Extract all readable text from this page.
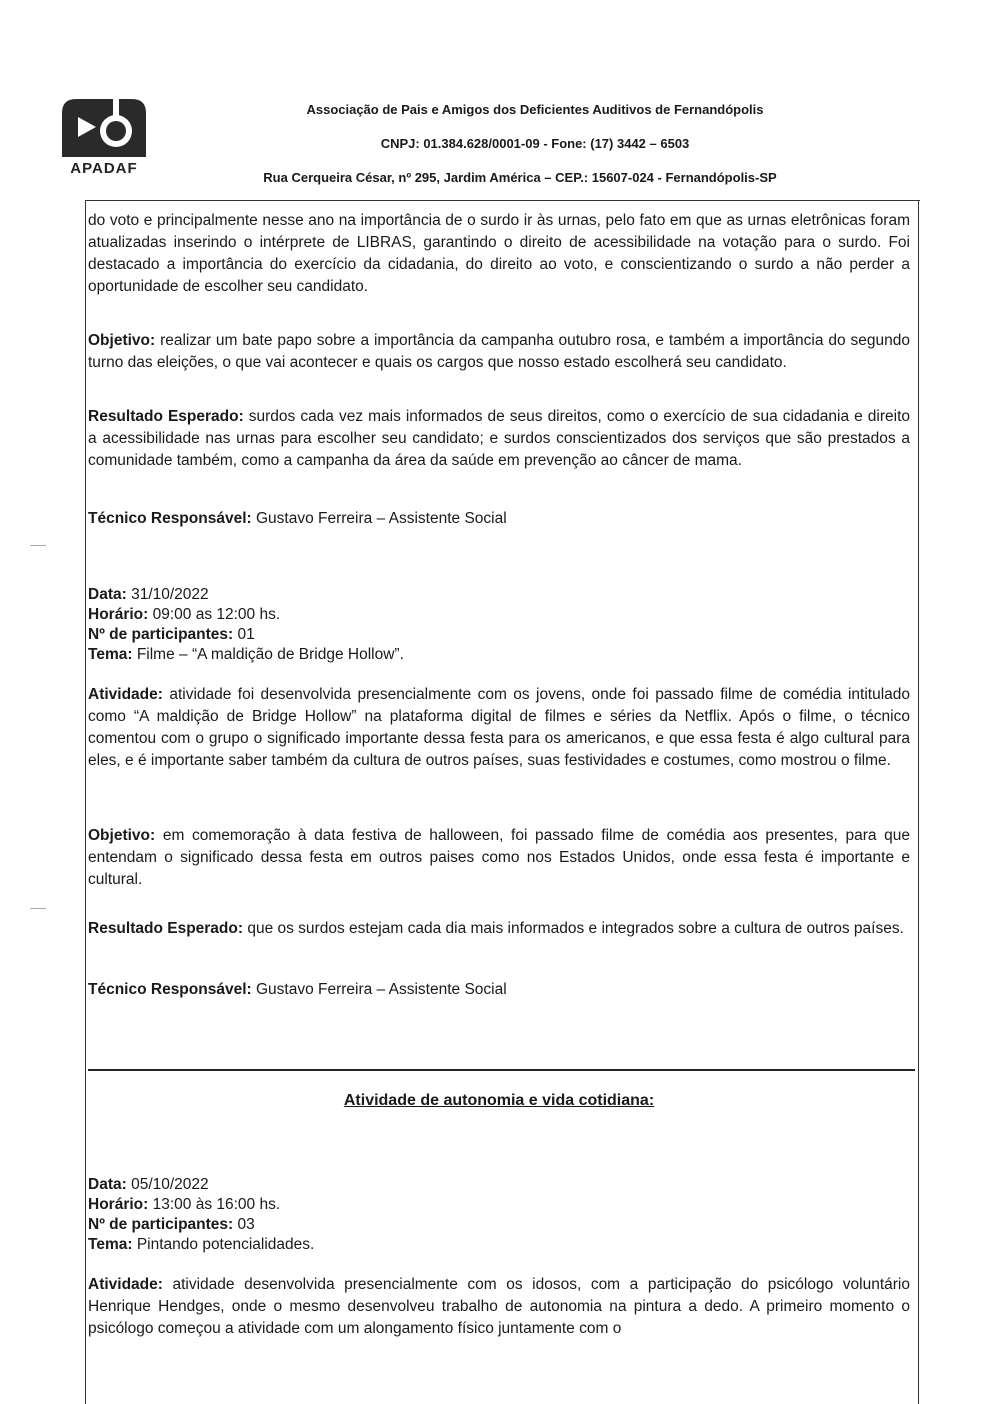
APADAF
Associação de Pais e Amigos dos Deficientes Auditivos de Fernandópolis
CNPJ: 01.384.628/0001-09 - Fone: (17) 3442 – 6503
Rua Cerqueira César, nº 295, Jardim América – CEP.: 15607-024 - Fernandópolis-SP
do voto e principalmente nesse ano na importância de o surdo ir às urnas, pelo fato em que as urnas eletrônicas foram atualizadas inserindo o intérprete de LIBRAS, garantindo o direito de acessibilidade na votação para o surdo. Foi destacado a importância do exercício da cidadania, do direito ao voto, e conscientizando o surdo a não perder a oportunidade de escolher seu candidato.
Objetivo: realizar um bate papo sobre a importância da campanha outubro rosa, e também a importância do segundo turno das eleições, o que vai acontecer e quais os cargos que nosso estado escolherá seu candidato.
Resultado Esperado: surdos cada vez mais informados de seus direitos, como o exercício de sua cidadania e direito a acessibilidade nas urnas para escolher seu candidato; e surdos conscientizados dos serviços que são prestados a comunidade também, como a campanha da área da saúde em prevenção ao câncer de mama.
Técnico Responsável: Gustavo Ferreira – Assistente Social
Data: 31/10/2022
Horário: 09:00 as 12:00 hs.
Nº de participantes: 01
Tema: Filme – “A maldição de Bridge Hollow”.
Atividade: atividade foi desenvolvida presencialmente com os jovens, onde foi passado filme de comédia intitulado como “A maldição de Bridge Hollow” na plataforma digital de filmes e séries da Netflix. Após o filme, o técnico comentou com o grupo o significado importante dessa festa para os americanos, e que essa festa é algo cultural para eles, e é importante saber também da cultura de outros países, suas festividades e costumes, como mostrou o filme.
Objetivo: em comemoração à data festiva de halloween, foi passado filme de comédia aos presentes, para que entendam o significado dessa festa em outros paises como nos Estados Unidos, onde essa festa é importante e cultural.
Resultado Esperado: que os surdos estejam cada dia mais informados e integrados sobre a cultura de outros países.
Técnico Responsável: Gustavo Ferreira – Assistente Social
Atividade de autonomia e vida cotidiana:
Data: 05/10/2022
Horário: 13:00 às 16:00 hs.
Nº de participantes: 03
Tema: Pintando potencialidades.
Atividade: atividade desenvolvida presencialmente com os idosos, com a participação do psicólogo voluntário Henrique Hendges, onde o mesmo desenvolveu trabalho de autonomia na pintura a dedo. A primeiro momento o psicólogo começou a atividade com um alongamento físico juntamente com o
